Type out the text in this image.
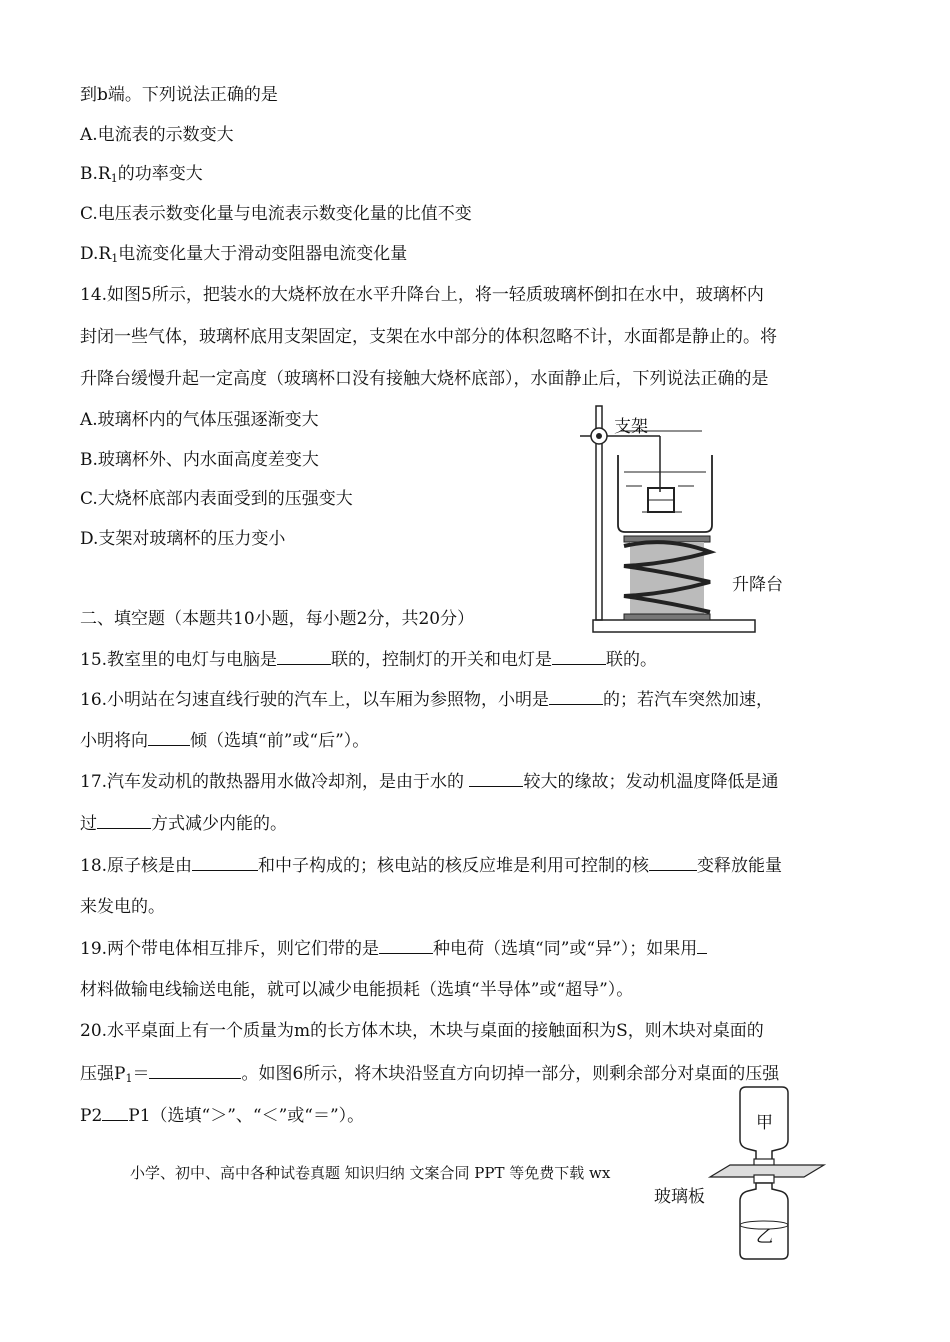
到b端。下列说法正确的是
A.电流表的示数变大
$B.R_1$的功率变大
C.电压表示数变化量与电流表示数变化量的比值不变
$D.R_1$电流变化量大于滑动变阻器电流变化量
14.如图5所示，把装水的大烧杯放在水平升降台上，将一轻质玻璃杯倒扣在水中，玻璃杯内
封闭一些气体，玻璃杯底用支架固定，支架在水中部分的体积忽略不计，水面都是静止的。将
升降台缓慢升起一定高度（玻璃杯口没有接触大烧杯底部），水面静止后，下列说法正确的是
A.玻璃杯内的气体压强逐渐变大
B.玻璃杯外、内水面高度差变大
C.大烧杯底部内表面受到的压强变大
D.支架对玻璃杯的压力变小
支架
升降台
二、填空题（本题共10小题，每小题2分，共20分）
15.教室里的电灯与电脑是	联的，控制灯的开关和电灯是	联的。
16.小明站在匀速直线行驶的汽车上，以车厢为参照物，小明是	的；若汽车突然加速，
小明将向 倾（选填“前”或“后”）。
17.汽车发动机的散热器用水做冷却剂，是由于水的	较大的缘故；发动机温度降低是通
过	方式减少内能的。
18.原子核是由	和中子构成的；核电站的核反应堆是利用可控制的核	变释放能量
来发电的。
19.两个带电体相互排斥，则它们带的是	种电荷（选填“同”或“异”）；如果用
材料做输电线输送电能，就可以减少电能损耗（选填“半导体”或“超导”）。
20.水平桌面上有一个质量为m的长方体木块，木块与桌面的接触面积为S，则木块对桌面的
压强$P_1=$	。如图6所示，将木块沿竖直方向切掉一部分，则剩余部分对桌面的压强
P2 P1（选填“＞”、“＜”或“＝”）。	甲
玻璃板
乙
小学、初中、高中各种试卷真题 知识归纳 文案合同 PPT 等免费下载 wx
